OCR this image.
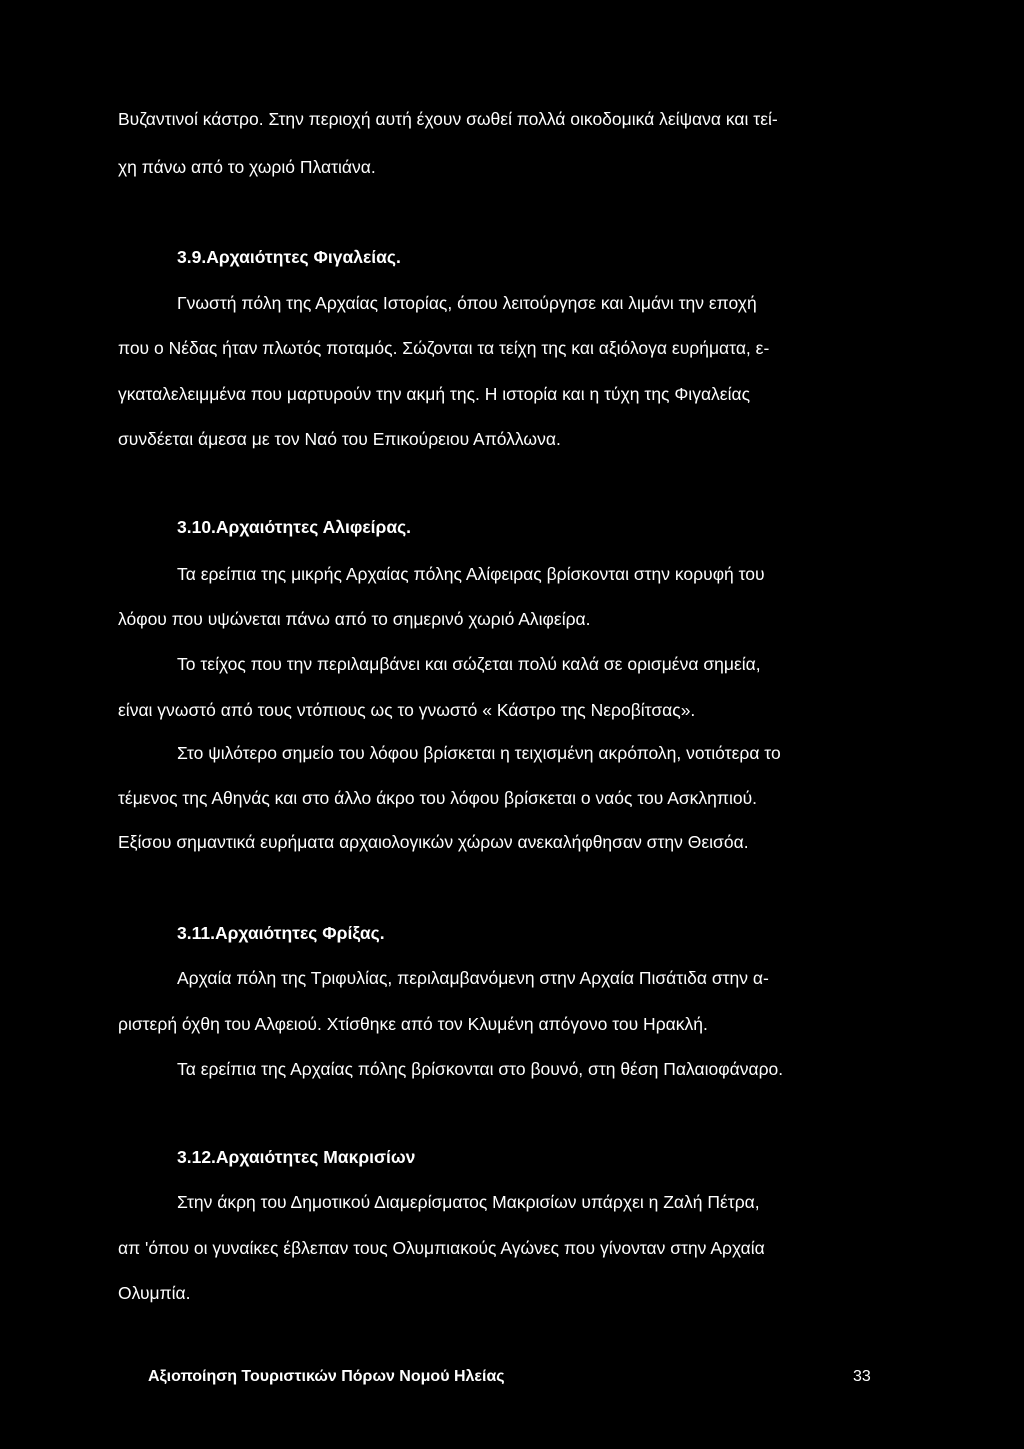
Βυζαντινοί κάστρο. Στην περιοχή αυτή έχουν σωθεί πολλά οικοδομικά λείψανα και τεί-
χη πάνω από το χωριό Πλατιάνα.
3.9.Αρχαιότητες Φιγαλείας.
Γνωστή πόλη της Αρχαίας Ιστορίας, όπου λειτούργησε και λιμάνι την εποχή
που ο Νέδας ήταν πλωτός ποταμός. Σώζονται τα τείχη της και αξιόλογα ευρήματα, ε-
γκαταλελειμμένα που μαρτυρούν την ακμή της. Η ιστορία και η τύχη της Φιγαλείας
συνδέεται άμεσα με τον Ναό του Επικούρειου Απόλλωνα.
3.10.Αρχαιότητες Αλιφείρας.
Τα ερείπια της μικρής Αρχαίας πόλης Αλίφειρας βρίσκονται στην κορυφή του
λόφου που υψώνεται πάνω από το σημερινό χωριό Αλιφείρα.
Το τείχος που την περιλαμβάνει και σώζεται πολύ καλά σε ορισμένα σημεία,
είναι γνωστό από τους ντόπιους ως το γνωστό « Κάστρο της Νεροβίτσας».
Στο ψιλότερο σημείο του λόφου βρίσκεται η τειχισμένη ακρόπολη, νοτιότερα το
τέμενος της Αθηνάς και στο άλλο άκρο του λόφου βρίσκεται ο ναός του Ασκληπιού.
Εξίσου σημαντικά ευρήματα αρχαιολογικών χώρων ανεκαλήφθησαν στην Θεισόα.
3.11.Αρχαιότητες Φρίξας.
Αρχαία πόλη της Τριφυλίας, περιλαμβανόμενη στην Αρχαία Πισάτιδα στην α-
ριστερή όχθη του Αλφειού. Χτίσθηκε από τον Κλυμένη απόγονο του Ηρακλή.
Τα ερείπια της Αρχαίας πόλης βρίσκονται στο βουνό, στη θέση Παλαιοφάναρο.
3.12.Αρχαιότητες Μακρισίων
Στην άκρη του Δημοτικού Διαμερίσματος Μακρισίων υπάρχει η Ζαλή Πέτρα,
απ 'όπου οι γυναίκες έβλεπαν τους Ολυμπιακούς Αγώνες που γίνονταν στην Αρχαία
Ολυμπία.
Αξιοποίηση Τουριστικών Πόρων Νομού Ηλείας	33
